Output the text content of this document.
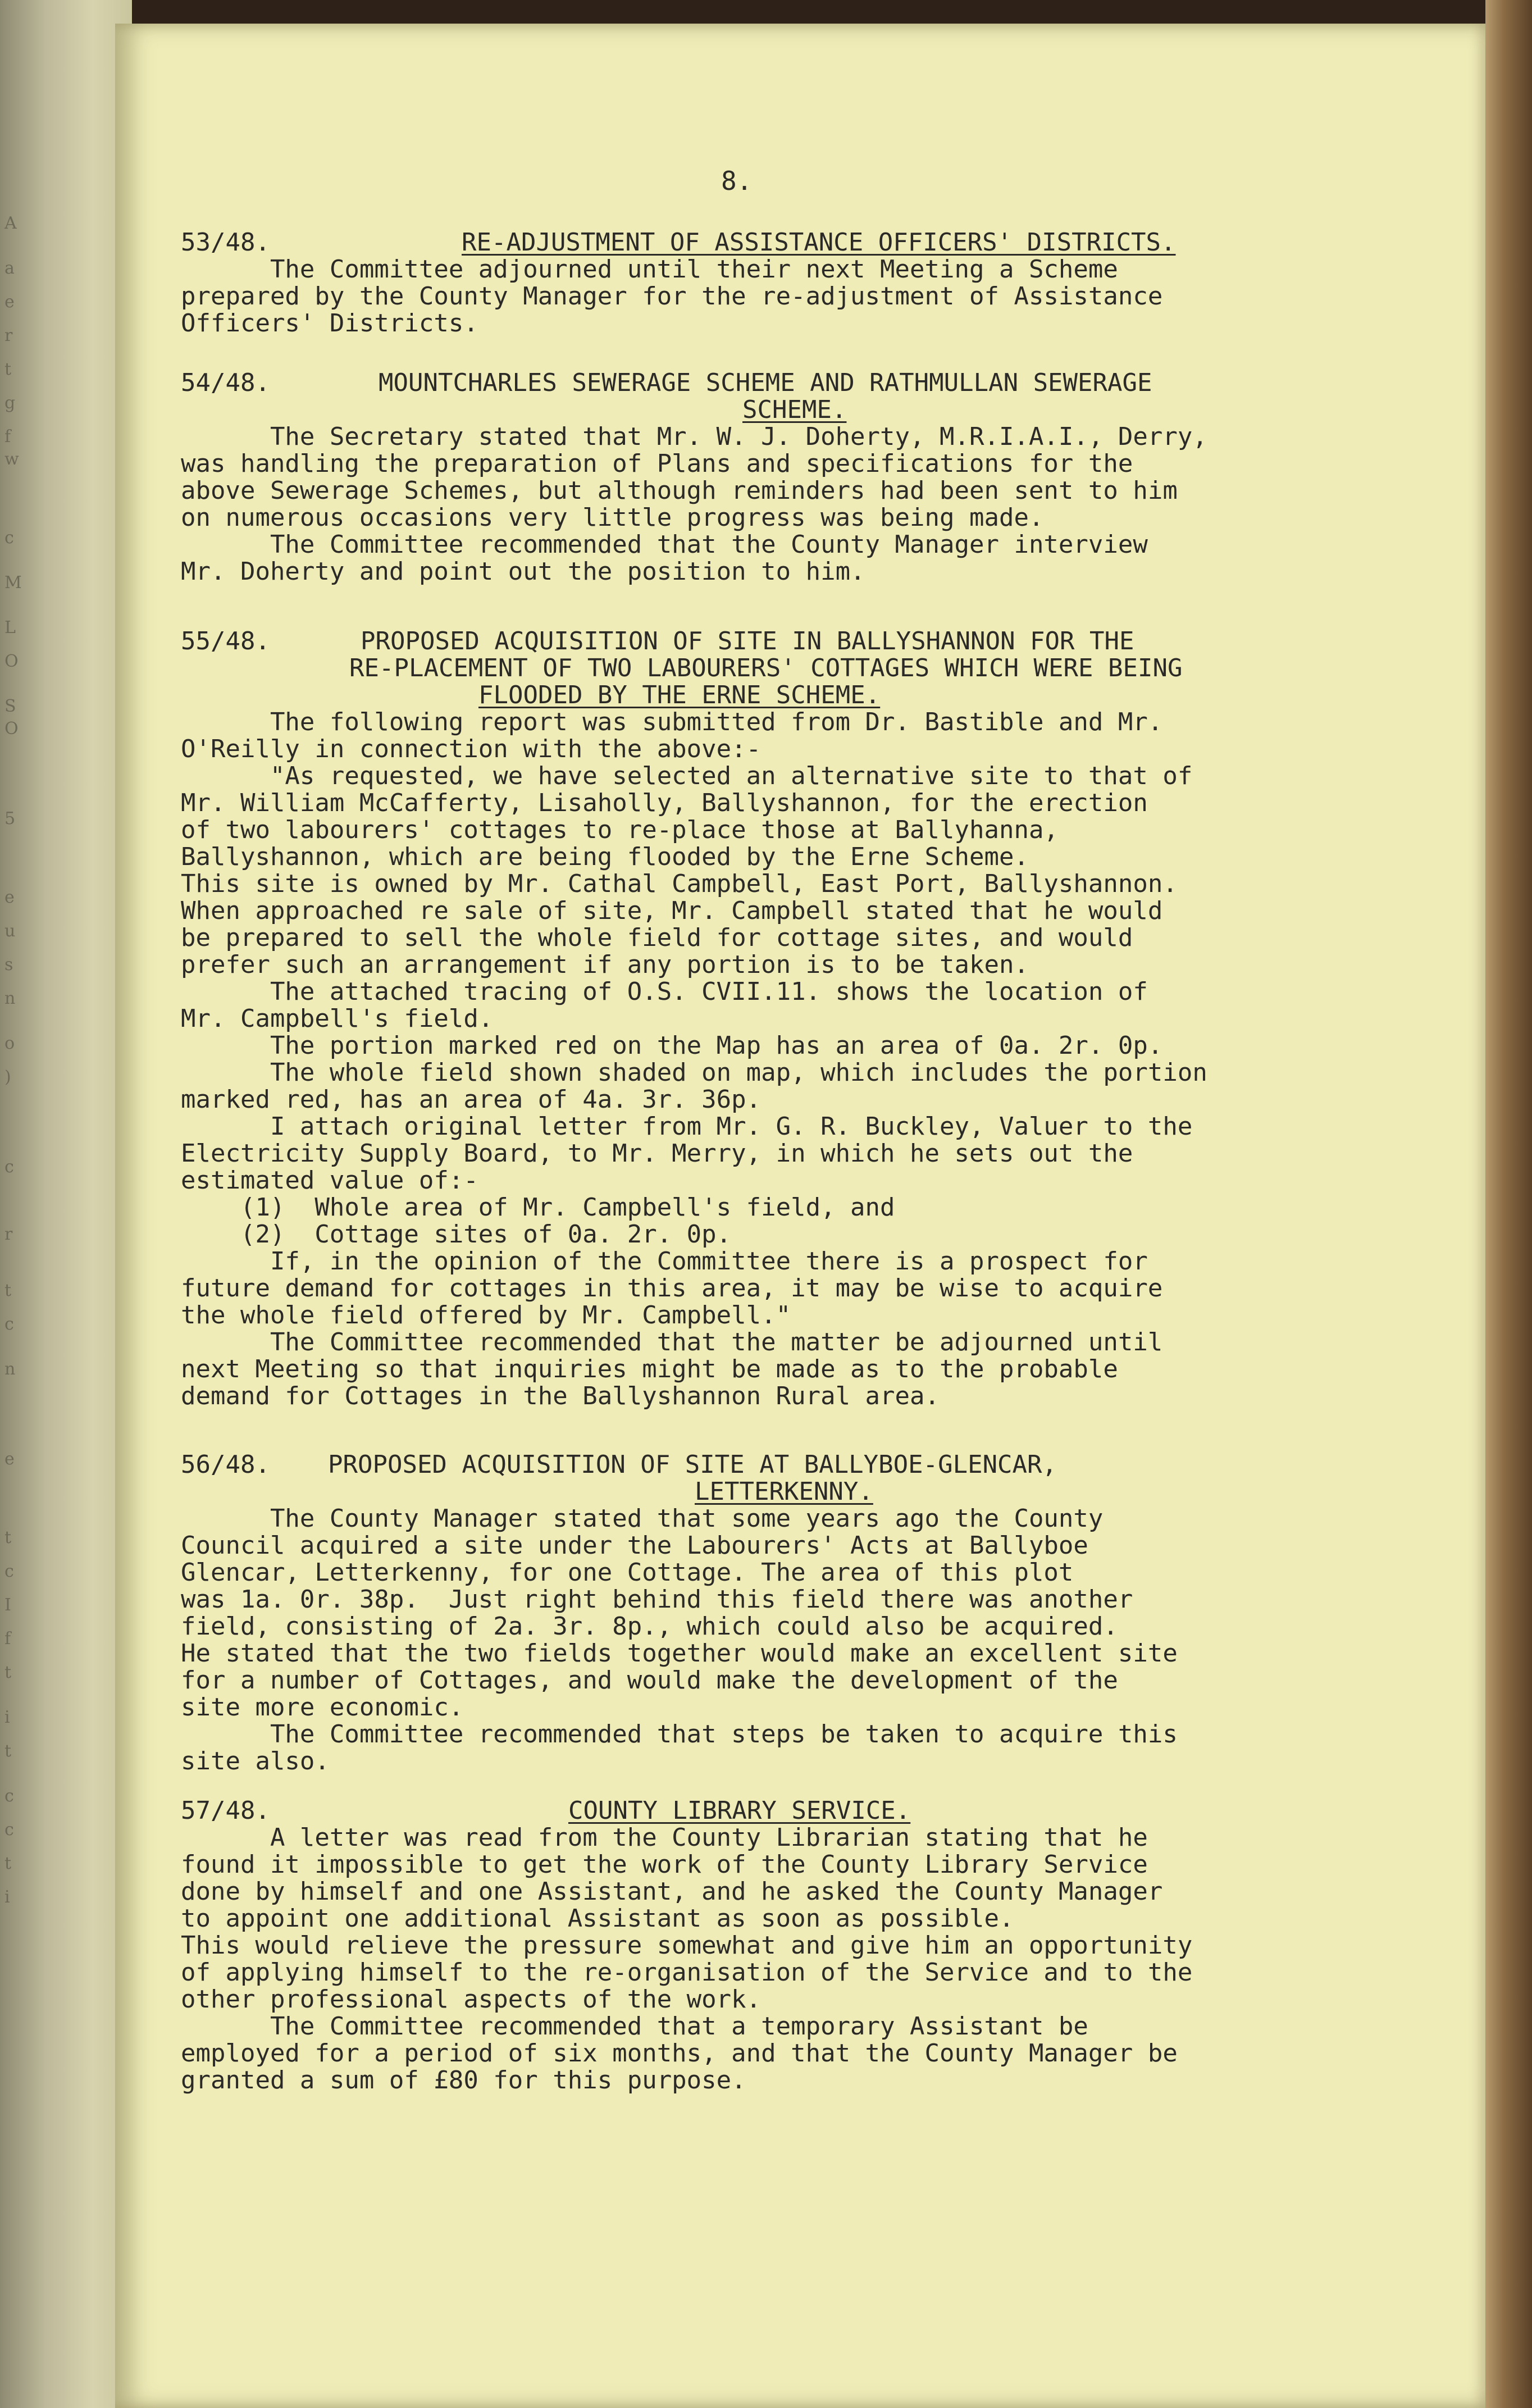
A
a
e
r
t
g
f
w
c
M
L
O
S
O
5
e
u
s
n
o
)
c
r
t
c
n
e
t
c
I
f
t
i
t
c
c
t
i
8.
53/48.	RE-ADJUSTMENT OF ASSISTANCE OFFICERS' DISTRICTS.
The Committee adjourned until their next Meeting a Scheme
prepared by the County Manager for the re-adjustment of Assistance
Officers' Districts.
54/48.	MOUNTCHARLES SEWERAGE SCHEME AND RATHMULLAN SEWERAGE
SCHEME.
The Secretary stated that Mr. W. J. Doherty, M.R.I.A.I., Derry,
was handling the preparation of Plans and specifications for the
above Sewerage Schemes, but although reminders had been sent to him
on numerous occasions very little progress was being made.
The Committee recommended that the County Manager interview
Mr. Doherty and point out the position to him.
55/48.	PROPOSED ACQUISITION OF SITE IN BALLYSHANNON FOR THE
RE-PLACEMENT OF TWO LABOURERS' COTTAGES WHICH WERE BEING
FLOODED BY THE ERNE SCHEME.
The following report was submitted from Dr. Bastible and Mr.
O'Reilly in connection with the above:-
"As requested, we have selected an alternative site to that of
Mr. William McCafferty, Lisaholly, Ballyshannon, for the erection
of two labourers' cottages to re-place those at Ballyhanna,
Ballyshannon, which are being flooded by the Erne Scheme.
This site is owned by Mr. Cathal Campbell, East Port, Ballyshannon.
When approached re sale of site, Mr. Campbell stated that he would
be prepared to sell the whole field for cottage sites, and would
prefer such an arrangement if any portion is to be taken.
The attached tracing of O.S. CVII.11. shows the location of
Mr. Campbell's field.
The portion marked red on the Map has an area of 0a. 2r. 0p.
The whole field shown shaded on map, which includes the portion
marked red, has an area of 4a. 3r. 36p.
I attach original letter from Mr. G. R. Buckley, Valuer to the
Electricity Supply Board, to Mr. Merry, in which he sets out the
estimated value of:-
(1)  Whole area of Mr. Campbell's field, and
(2)  Cottage sites of 0a. 2r. 0p.
If, in the opinion of the Committee there is a prospect for
future demand for cottages in this area, it may be wise to acquire
the whole field offered by Mr. Campbell."
The Committee recommended that the matter be adjourned until
next Meeting so that inquiries might be made as to the probable
demand for Cottages in the Ballyshannon Rural area.
56/48. PROPOSED ACQUISITION OF SITE AT BALLYBOE-GLENCAR,
LETTERKENNY.
The County Manager stated that some years ago the County
Council acquired a site under the Labourers' Acts at Ballyboe
Glencar, Letterkenny, for one Cottage. The area of this plot
was 1a. 0r. 38p.  Just right behind this field there was another
field, consisting of 2a. 3r. 8p., which could also be acquired.
He stated that the two fields together would make an excellent site
for a number of Cottages, and would make the development of the
site more economic.
The Committee recommended that steps be taken to acquire this
site also.
57/48.	COUNTY LIBRARY SERVICE.
A letter was read from the County Librarian stating that he
found it impossible to get the work of the County Library Service
done by himself and one Assistant, and he asked the County Manager
to appoint one additional Assistant as soon as possible.
This would relieve the pressure somewhat and give him an opportunity
of applying himself to the re-organisation of the Service and to the
other professional aspects of the work.
The Committee recommended that a temporary Assistant be
employed for a period of six months, and that the County Manager be
granted a sum of £80 for this purpose.
